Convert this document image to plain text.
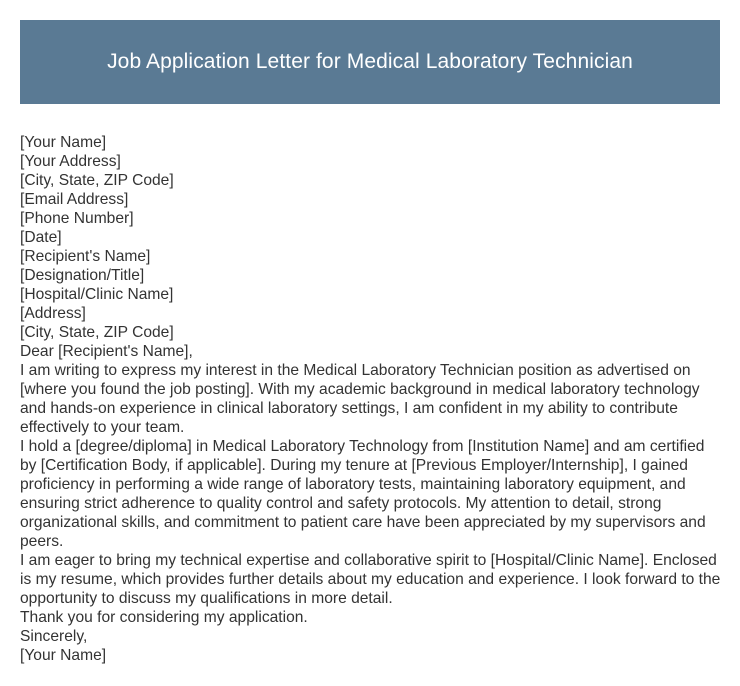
Job Application Letter for Medical Laboratory Technician
[Your Name]
[Your Address]
[City, State, ZIP Code]
[Email Address]
[Phone Number]
[Date]
[Recipient's Name]
[Designation/Title]
[Hospital/Clinic Name]
[Address]
[City, State, ZIP Code]
Dear [Recipient's Name],

I am writing to express my interest in the Medical Laboratory Technician position as advertised on [where you found the job posting]. With my academic background in medical laboratory technology and hands-on experience in clinical laboratory settings, I am confident in my ability to contribute effectively to your team.

I hold a [degree/diploma] in Medical Laboratory Technology from [Institution Name] and am certified by [Certification Body, if applicable]. During my tenure at [Previous Employer/Internship], I gained proficiency in performing a wide range of laboratory tests, maintaining laboratory equipment, and ensuring strict adherence to quality control and safety protocols. My attention to detail, strong organizational skills, and commitment to patient care have been appreciated by my supervisors and peers.

I am eager to bring my technical expertise and collaborative spirit to [Hospital/Clinic Name]. Enclosed is my resume, which provides further details about my education and experience. I look forward to the opportunity to discuss my qualifications in more detail.

Thank you for considering my application.

Sincerely,
[Your Name]
